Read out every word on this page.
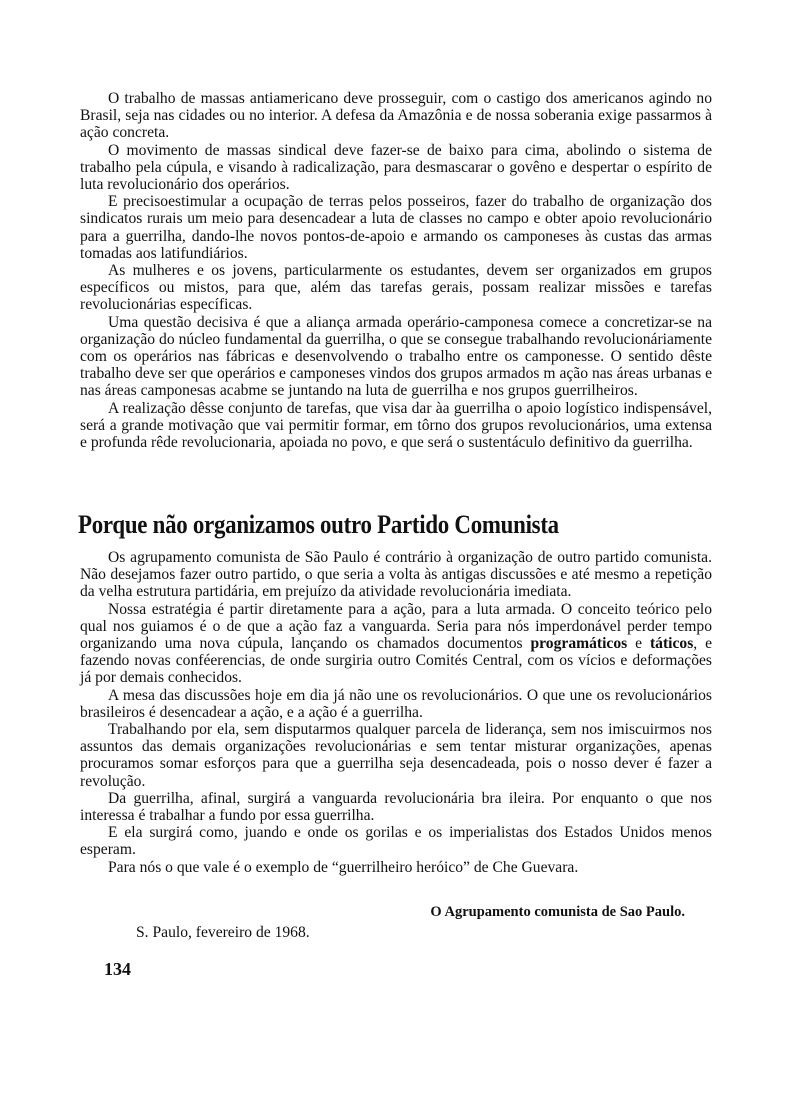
O trabalho de massas antiamericano deve prosseguir, com o castigo dos americanos agindo no Brasil, seja nas cidades ou no interior. A defesa da Amazônia e de nossa soberania exige passarmos à ação concreta.

O movimento de massas sindical deve fazer-se de baixo para cima, abolindo o sistema de trabalho pela cúpula, e visando à radicalização, para desmascarar o govêno e despertar o espírito de luta revolucionário dos operários.

E precisoestimular a ocupação de terras pelos posseiros, fazer do trabalho de organização dos sindicatos rurais um meio para desencadear a luta de classes no campo e obter apoio revolucionário para a guerrilha, dando-lhe novos pontos-de-apoio e armando os camponeses às custas das armas tomadas aos latifundiários.

As mulheres e os jovens, particularmente os estudantes, devem ser organizados em grupos específicos ou mistos, para que, além das tarefas gerais, possam realizar missões e tarefas revolucionárias específicas.

Uma questão decisiva é que a aliança armada operário-camponesa comece a concretizar-se na organização do núcleo fundamental da guerrilha, o que se consegue trabalhando revolucionáriamente com os operários nas fábricas e desenvolvendo o trabalho entre os camponesse. O sentido dêste trabalho deve ser que operários e camponeses vindos dos grupos armados m ação nas áreas urbanas e nas áreas camponesas acabme se juntando na luta de guerrilha e nos grupos guerrilheiros.

A realização dêsse conjunto de tarefas, que visa dar àa guerrilha o apoio logístico indispensável, será a grande motivação que vai permitir formar, em tôrno dos grupos revolucionários, uma extensa e profunda rêde revolucionaria, apoiada no povo, e que será o sustentáculo definitivo da guerrilha.

Porque não organizamos outro Partido Comunista

Os agrupamento comunista de São Paulo é contrário à organização de outro partido comunista. Não desejamos fazer outro partido, o que seria a volta às antigas discussões e até mesmo a repetição da velha estrutura partidária, em prejuízo da atividade revolucionária imediata.

Nossa estratégia é partir diretamente para a ação, para a luta armada. O conceito teórico pelo qual nos guiamos é o de que a ação faz a vanguarda. Seria para nós imperdonável perder tempo organizando uma nova cúpula, lançando os chamados documentos programáticos e táticos, e fazendo novas conféerencias, de onde surgiria outro Comités Central, com os vícios e deformações já por demais conhecidos.

A mesa das discussões hoje em dia já não une os revolucionários. O que une os revolucionários brasileiros é desencadear a ação, e a ação é a guerrilha.

Trabalhando por ela, sem disputarmos qualquer parcela de liderança, sem nos imiscuirmos nos assuntos das demais organizações revolucionárias e sem tentar misturar organizações, apenas procuramos somar esforços para que a guerrilha seja desencadeada, pois o nosso dever é fazer a revolução.

Da guerrilha, afinal, surgirá a vanguarda revolucionária bra ileira. Por enquanto o que nos interessa é trabalhar a fundo por essa guerrilha.

E ela surgirá como, juando e onde os gorilas e os imperialistas dos Estados Unidos menos esperam.

Para nós o que vale é o exemplo de “guerrilheiro heróico” de Che Guevara.

O Agrupamento comunista de Sao Paulo.

S. Paulo, fevereiro de 1968.

134
